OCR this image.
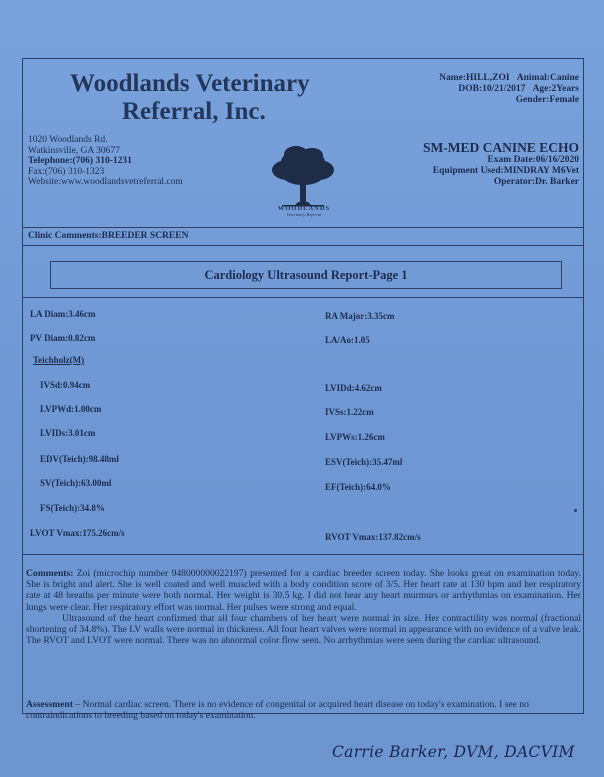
Woodlands Veterinary
Referral, Inc.
1020 Woodlands Rd.
Watkinsville, GA 30677
Telephone:(706) 310-1231
Fax:(706) 310-1323
Website:www.woodlandsvetreferral.com
Name:HILL,ZOI Animal:Canine
DOB:10/21/2017 Age:2Years
Gender:Female
WOODLANDS
Veterinary Referral
SM-MED CANINE ECHO
Exam Date:06/16/2020
Equipment Used:MINDRAY M6Vet
Operator:Dr. Barker
Clinic Comments:BREEDER SCREEN
Cardiology Ultrasound Report-Page 1
LA Diam:3.46cm	RA Major:3.35cm
PV Diam:0.82cm	LA/Ao:1.05
Teichholz(M)
IVSd:0.94cm	LVIDd:4.62cm
LVPWd:1.00cm	IVSs:1.22cm
LVIDs:3.01cm	LVPWs:1.26cm
EDV(Teich):98.48ml	ESV(Teich):35.47ml
SV(Teich):63.00ml	EF(Teich):64.0%
FS(Teich):34.8%
LVOT Vmax:175.26cm/s	RVOT Vmax:137.82cm/s

Comments: Zoi (microchip number 948000000022197) presented for a cardiac breeder screen today. She looks great on examination today. She is bright and alert. She is well coated and well muscled with a body condition score of 3/5. Her heart rate at 130 bpm and her respiratory rate at 48 breaths per minute were both normal. Her weight is 30.5 kg. I did not hear any heart murmurs or arrhythmias on examination. Her lungs were clear. Her respiratory effort was normal. Her pulses were strong and equal.

Ultrasound of the heart confirmed that all four chambers of her heart were normal in size. Her contractility was normal (fractional shortening of 34.8%). The LV walls were normal in thickness. All four heart valves were normal in appearance with no evidence of a valve leak. The RVOT and LVOT were normal. There was no abnormal color flow seen. No arrhythmias were seen during the cardiac ultrasound.

Assessment – Normal cardiac screen. There is no evidence of congenital or acquired heart disease on today's examination. I see no contraindications to breeding based on today's examination.
Carrie Barker, DVM, DACVIM
